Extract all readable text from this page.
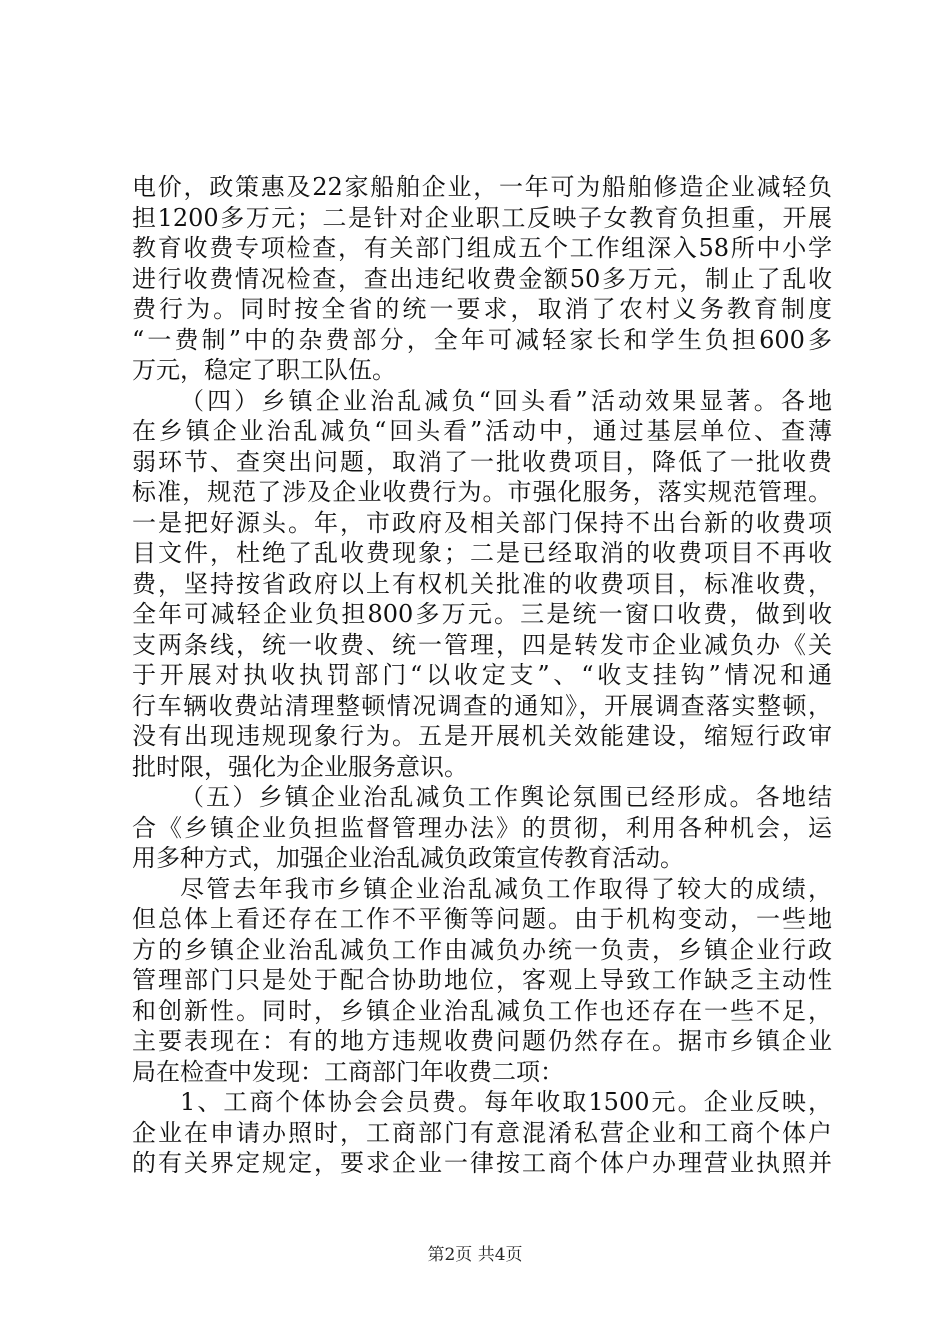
电价，政策惠及22家船舶企业，一年可为船舶修造企业减轻负
担1200多万元；二是针对企业职工反映子女教育负担重，开展
教育收费专项检查，有关部门组成五个工作组深入58所中小学
进行收费情况检查，查出违纪收费金额50多万元，制止了乱收
费行为。同时按全省的统一要求，取消了农村义务教育制度
“一费制”中的杂费部分，全年可减轻家长和学生负担600多
万元，稳定了职工队伍。
（四）乡镇企业治乱减负“回头看”活动效果显著。各地
在乡镇企业治乱减负“回头看”活动中，通过基层单位、查薄
弱环节、查突出问题，取消了一批收费项目，降低了一批收费
标准，规范了涉及企业收费行为。市强化服务，落实规范管理。
一是把好源头。年，市政府及相关部门保持不出台新的收费项
目文件，杜绝了乱收费现象；二是已经取消的收费项目不再收
费，坚持按省政府以上有权机关批准的收费项目，标准收费，
全年可减轻企业负担800多万元。三是统一窗口收费，做到收
支两条线，统一收费、统一管理，四是转发市企业减负办《关
于开展对执收执罚部门“以收定支”、“收支挂钩”情况和通
行车辆收费站清理整顿情况调查的通知》，开展调查落实整顿，
没有出现违规现象行为。五是开展机关效能建设，缩短行政审
批时限，强化为企业服务意识。
（五）乡镇企业治乱减负工作舆论氛围已经形成。各地结
合《乡镇企业负担监督管理办法》的贯彻，利用各种机会，运
用多种方式，加强企业治乱减负政策宣传教育活动。
尽管去年我市乡镇企业治乱减负工作取得了较大的成绩，
但总体上看还存在工作不平衡等问题。由于机构变动，一些地
方的乡镇企业治乱减负工作由减负办统一负责，乡镇企业行政
管理部门只是处于配合协助地位，客观上导致工作缺乏主动性
和创新性。同时，乡镇企业治乱减负工作也还存在一些不足，
主要表现在：有的地方违规收费问题仍然存在。据市乡镇企业
局在检查中发现：工商部门年收费二项：
1、工商个体协会会员费。每年收取1500元。企业反映，
企业在申请办照时，工商部门有意混淆私营企业和工商个体户
的有关界定规定，要求企业一律按工商个体户办理营业执照并
第2页 共4页
